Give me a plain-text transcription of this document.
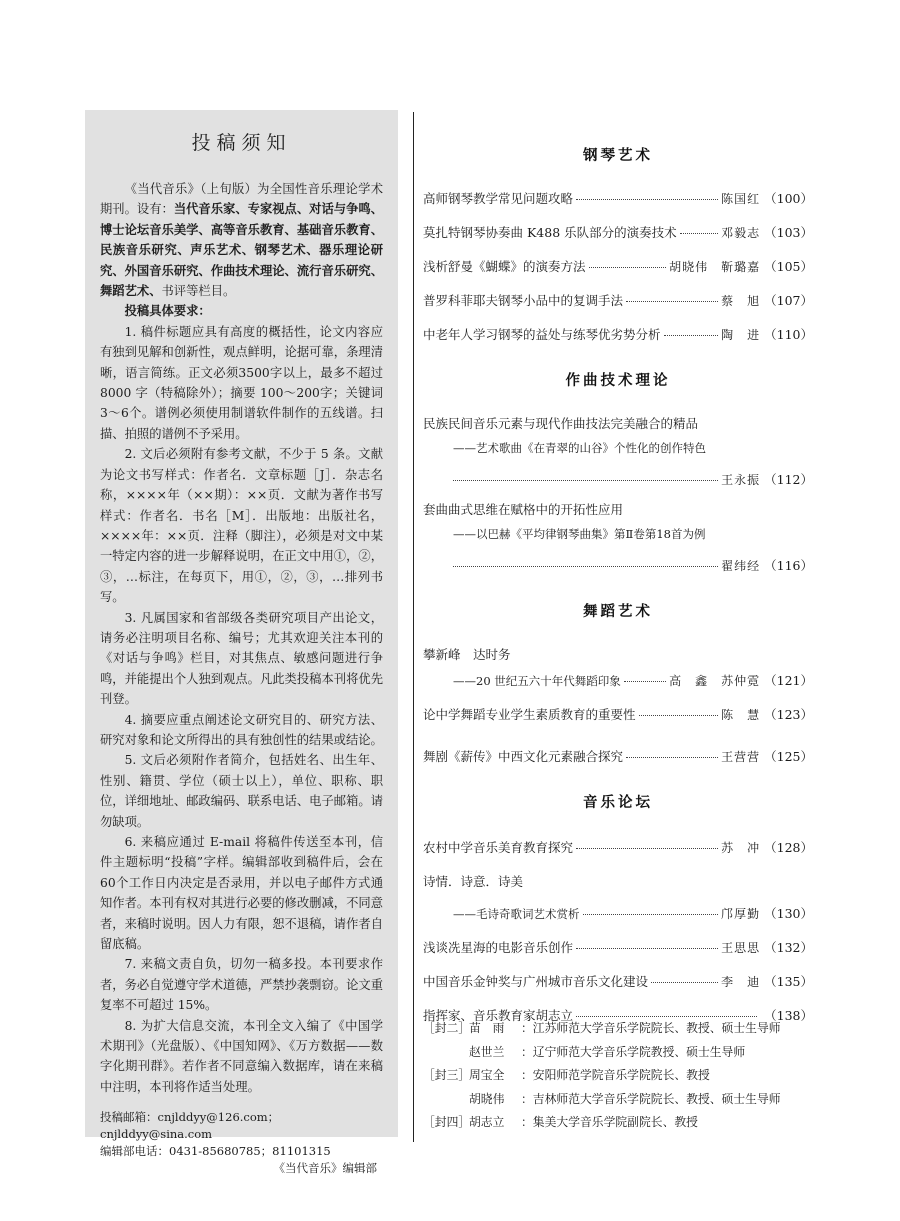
投稿须知

《当代音乐》（上旬版）为全国性音乐理论学术期刊。设有：当代音乐家、专家视点、对话与争鸣、博士论坛音乐美学、高等音乐教育、基础音乐教育、民族音乐研究、声乐艺术、钢琴艺术、器乐理论研究、外国音乐研究、作曲技术理论、流行音乐研究、舞蹈艺术、书评等栏目。

投稿具体要求：

1. 稿件标题应具有高度的概括性，论文内容应有独到见解和创新性，观点鲜明，论据可靠，条理清晰，语言简练。正文必须3500字以上，最多不超过 8000 字（特稿除外）；摘要 100～200字；关键词3～6个。谱例必须使用制谱软件制作的五线谱。扫描、拍照的谱例不予采用。

2. 文后必须附有参考文献，不少于 5 条。文献为论文书写样式：作者名．文章标题［J］．杂志名称，××××年（××期）：××页．文献为著作书写样式：作者名．书名［M］．出版地：出版社名，××××年：××页．注释（脚注），必须是对文中某一特定内容的进一步解释说明，在正文中用①，②，③，…标注，在每页下，用①，②，③，…排列书写。

3. 凡属国家和省部级各类研究项目产出论文，请务必注明项目名称、编号；尤其欢迎关注本刊的《对话与争鸣》栏目，对其焦点、敏感问题进行争鸣，并能提出个人独到观点。凡此类投稿本刊将优先刊登。

4. 摘要应重点阐述论文研究目的、研究方法、研究对象和论文所得出的具有独创性的结果或结论。

5. 文后必须附作者简介，包括姓名、出生年、性别、籍贯、学位（硕士以上），单位、职称、职位，详细地址、邮政编码、联系电话、电子邮箱。请勿缺项。

6. 来稿应通过 E-mail 将稿件传送至本刊，信件主题标明“投稿”字样。编辑部收到稿件后，会在60个工作日内决定是否录用，并以电子邮件方式通知作者。本刊有权对其进行必要的修改删减，不同意者，来稿时说明。因人力有限，恕不退稿，请作者自留底稿。

7. 来稿文责自负，切勿一稿多投。本刊要求作者，务必自觉遵守学术道德，严禁抄袭剽窃。论文重复率不可超过 15%。

8. 为扩大信息交流，本刊全文入编了《中国学术期刊》（光盘版）、《中国知网》、《万方数据——数字化期刊群》。若作者不同意编入数据库，请在来稿中注明，本刊将作适当处理。

投稿邮箱：cnjlddyy@126.com；cnjlddyy@sina.com
编辑部电话：0431-85680785；81101315
《当代音乐》编辑部
钢琴艺术
高师钢琴教学常见问题攻略	陈国红 （100）
莫扎特钢琴协奏曲 K488 乐队部分的演奏技术	邓毅志 （103）
浅析舒曼《蝴蝶》的演奏方法	胡晓伟　靳璐嘉 （105）
普罗科菲耶夫钢琴小品中的复调手法	蔡　旭 （107）
中老年人学习钢琴的益处与练琴优劣势分析	陶　进 （110）
作曲技术理论
民族民间音乐元素与现代作曲技法完美融合的精品
——艺术歌曲《在青翠的山谷》个性化的创作特色
王永振 （112）
套曲曲式思维在赋格中的开拓性应用
——以巴赫《平均律钢琴曲集》第Ⅱ卷第18首为例
翟纬经 （116）
舞蹈艺术
攀新峰　达时务
——20 世纪五六十年代舞蹈印象	高　鑫　苏仲霓 （121）
论中学舞蹈专业学生素质教育的重要性	陈　慧 （123）
舞剧《薪传》中西文化元素融合探究	王营营 （125）
音乐论坛
农村中学音乐美育教育探究	苏　冲 （128）
诗情．诗意．诗美
——毛诗奇歌词艺术赏析	邝厚勤 （130）
浅谈冼星海的电影音乐创作	王思思 （132）
中国音乐金钟奖与广州城市音乐文化建设	李　迪 （135）
指挥家、音乐教育家胡志立	（138）
［封二］苗　雨 ：江苏师范大学音乐学院院长、教授、硕士生导师
赵世兰 ：辽宁师范大学音乐学院教授、硕士生导师
［封三］周宝全 ：安阳师范学院音乐学院院长、教授
胡晓伟 ：吉林师范大学音乐学院院长、教授、硕士生导师
［封四］胡志立 ：集美大学音乐学院副院长、教授
